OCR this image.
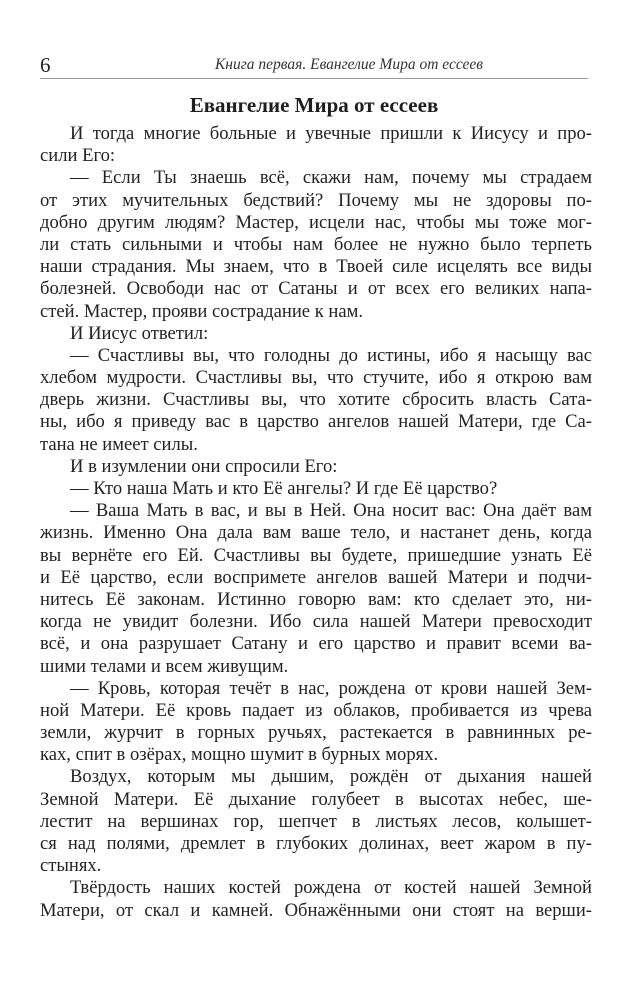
6	Книга первая. Евангелие Мира от ессеев
Евангелие Мира от ессеев
И тогда многие больные и увечные пришли к Иисусу и про-
сили Его:
— Если Ты знаешь всё, скажи нам, почему мы страдаем
от этих мучительных бедствий? Почему мы не здоровы по-
добно другим людям? Мастер, исцели нас, чтобы мы тоже мог-
ли стать сильными и чтобы нам более не нужно было терпеть
наши страдания. Мы знаем, что в Твоей силе исцелять все виды
болезней. Освободи нас от Сатаны и от всех его великих напа-
стей. Мастер, прояви сострадание к нам.
И Иисус ответил:
— Счастливы вы, что голодны до истины, ибо я насыщу вас
хлебом мудрости. Счастливы вы, что стучите, ибо я открою вам
дверь жизни. Счастливы вы, что хотите сбросить власть Сата-
ны, ибо я приведу вас в царство ангелов нашей Матери, где Са-
тана не имеет силы.
И в изумлении они спросили Его:
— Кто наша Мать и кто Её ангелы? И где Её царство?
— Ваша Мать в вас, и вы в Ней. Она носит вас: Она даёт вам
жизнь. Именно Она дала вам ваше тело, и настанет день, когда
вы вернёте его Ей. Счастливы вы будете, пришедшие узнать Её
и Её царство, если воспримете ангелов вашей Матери и подчи-
нитесь Её законам. Истинно говорю вам: кто сделает это, ни-
когда не увидит болезни. Ибо сила нашей Матери превосходит
всё, и она разрушает Сатану и его царство и правит всеми ва-
шими телами и всем живущим.
— Кровь, которая течёт в нас, рождена от крови нашей Зем-
ной Матери. Её кровь падает из облаков, пробивается из чрева
земли, журчит в горных ручьях, растекается в равнинных ре-
ках, спит в озёрах, мощно шумит в бурных морях.
Воздух, которым мы дышим, рождён от дыхания нашей
Земной Матери. Её дыхание голубеет в высотах небес, ше-
лестит на вершинах гор, шепчет в листьях лесов, колышет-
ся над полями, дремлет в глубоких долинах, веет жаром в пу-
стынях.
Твёрдость наших костей рождена от костей нашей Земной
Матери, от скал и камней. Обнажёнными они стоят на верши-
